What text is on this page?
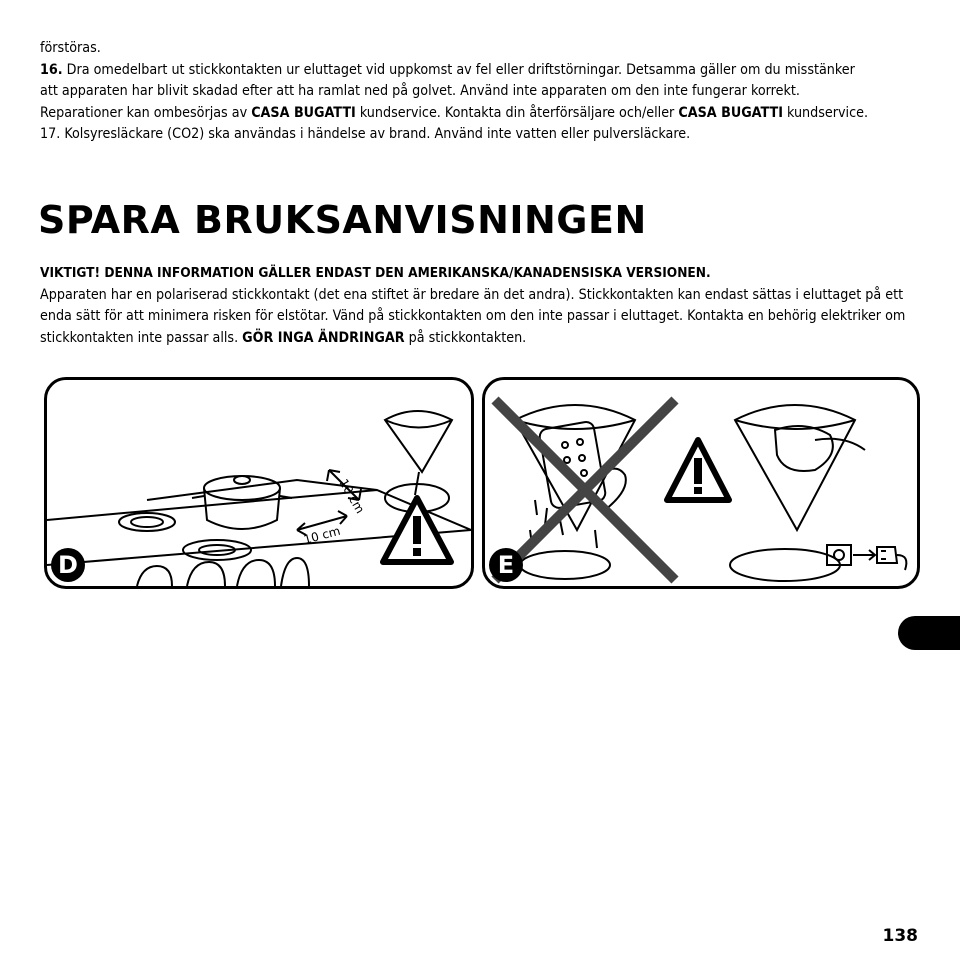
förstöras.

16. Dra omedelbart ut stickkontakten ur eluttaget vid uppkomst av fel eller driftstörningar. Detsamma gäller om du misstänker

att apparaten har blivit skadad efter att ha ramlat ned på golvet. Använd inte apparaten om den inte fungerar korrekt.

Reparationer kan ombesörjas av CASA BUGATTI kundservice. Kontakta din återförsäljare och/eller CASA BUGATTI kundservice.

17. Kolsyresläckare (CO2) ska användas i händelse av brand. Använd inte vatten eller pulversläckare.

SPARA BRUKSANVISNINGEN

VIKTIGT! DENNA INFORMATION GÄLLER ENDAST DEN AMERIKANSKA/KANADENSISKA VERSIONEN.

Apparaten har en polariserad stickkontakt (det ena stiftet är bredare än det andra). Stickkontakten kan endast sättas i eluttaget på ett enda sätt för att minimera risken för elstötar. Vänd på stickkontakten om den inte passar i eluttaget. Kontakta en behörig elektriker om stickkontakten inte passar alls. GÖR INGA ÄNDRINGAR på stickkontakten.

10 cm
10 cm
D	E
138
